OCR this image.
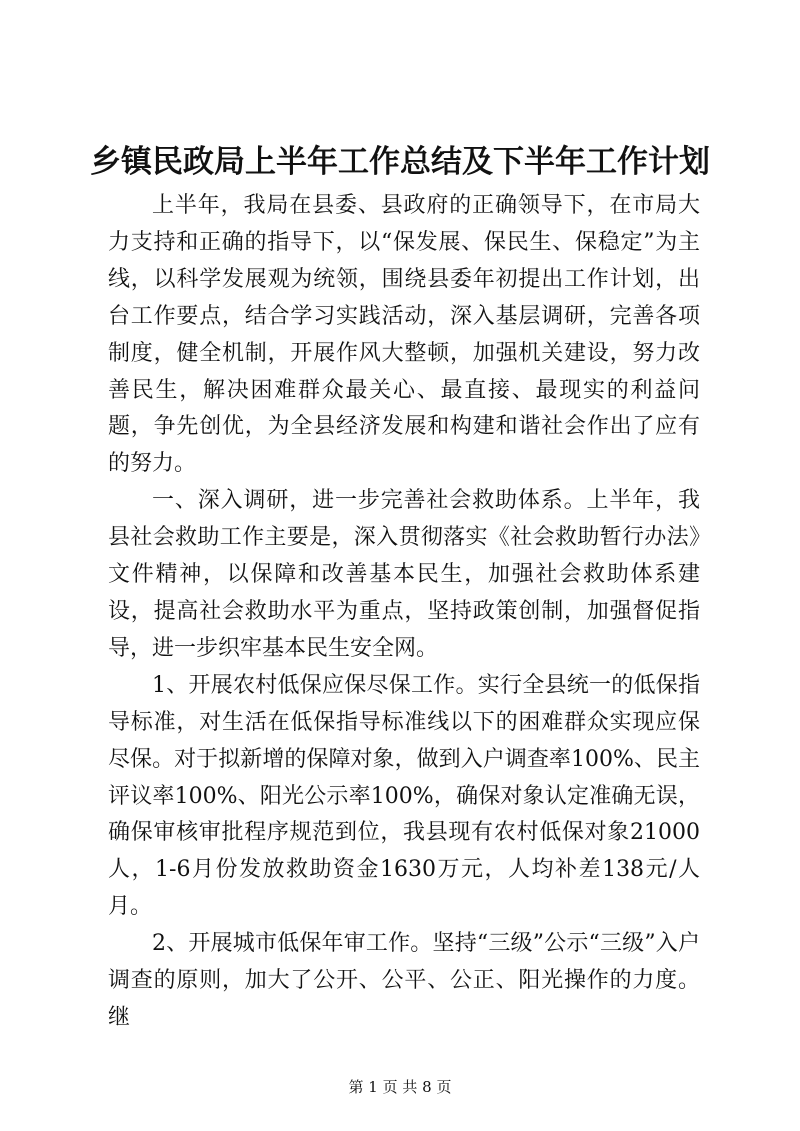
乡镇民政局上半年工作总结及下半年工作计划

上半年，我局在县委、县政府的正确领导下，在市局大力支持和正确的指导下，以“保发展、保民生、保稳定”为主线，以科学发展观为统领，围绕县委年初提出工作计划，出台工作要点，结合学习实践活动，深入基层调研，完善各项制度，健全机制，开展作风大整顿，加强机关建设，努力改善民生，解决困难群众最关心、最直接、最现实的利益问题，争先创优，为全县经济发展和构建和谐社会作出了应有的努力。

一、深入调研，进一步完善社会救助体系。上半年，我县社会救助工作主要是，深入贯彻落实《社会救助暂行办法》文件精神，以保障和改善基本民生，加强社会救助体系建设，提高社会救助水平为重点，坚持政策创制，加强督促指导，进一步织牢基本民生安全网。

1、开展农村低保应保尽保工作。实行全县统一的低保指导标准，对生活在低保指导标准线以下的困难群众实现应保尽保。对于拟新增的保障对象，做到入户调查率100%、民主评议率100%、阳光公示率100%，确保对象认定准确无误，确保审核审批程序规范到位，我县现有农村低保对象21000人，1-6月份发放救助资金1630万元，人均补差138元/人月。

2、开展城市低保年审工作。坚持“三级”公示“三级”入户调查的原则，加大了公开、公平、公正、阳光操作的力度。继

第 1 页 共 8 页
